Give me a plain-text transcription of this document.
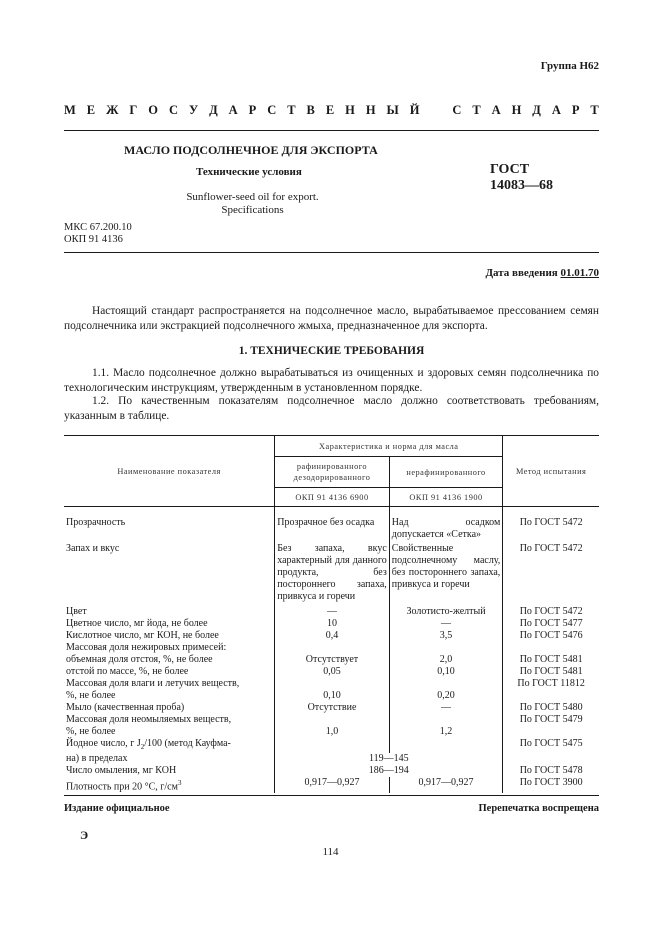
Группа Н62
М Е Ж Г О С У Д А Р С Т В Е Н Н Ы Й	С Т А Н Д А Р Т
МАСЛО ПОДСОЛНЕЧНОЕ ДЛЯ ЭКСПОРТА
Технические условия
Sunflower-seed oil for export.
Specifications
ГОСТ
14083—68
МКС 67.200.10
ОКП 91 4136
Дата введения 01.01.70
Настоящий стандарт распространяется на подсолнечное масло, вырабатываемое прессованием семян подсолнечника или экстракцией подсолнечного жмыха, предназначенное для экспорта.
1. ТЕХНИЧЕСКИЕ ТРЕБОВАНИЯ
1.1. Масло подсолнечное должно вырабатываться из очищенных и здоровых семян подсолнечника по технологическим инструкциям, утвержденным в установленном порядке.
1.2. По качественным показателям подсолнечное масло должно соответствовать требованиям, указанным в таблице.
Наименование показателя	Характеристика и норма для масла		Метод испытания
	рафинированного дезодорированного	нерафинированного	
	ОКП 91 4136 6900	ОКП 91 4136 1900	

Прозрачность	Прозрачное без осадка	Над осадком допускается «Сетка»	По ГОСТ 5472

Запах и вкус	Без запаха, вкус характерный для данного продукта, без постороннего запаха, привкуса и горечи	Свойственные подсолнечному маслу, без постороннего запаха, привкуса и горечи	По ГОСТ 5472

Цвет	—	Золотисто-желтый	По ГОСТ 5472
Цветное число, мг йода, не более	10	—	По ГОСТ 5477
Кислотное число, мг КОН, не более	0,4	3,5	По ГОСТ 5476
Массовая доля нежировых примесей:			
объемная доля отстоя, %, не более	Отсутствует	2,0	По ГОСТ 5481
отстой по массе, %, не более	0,05	0,10	По ГОСТ 5481
Массовая доля влаги и летучих веществ,			По ГОСТ 11812
%, не более	0,10	0,20	
Мыло (качественная проба)	Отсутствие	—	По ГОСТ 5480
Массовая доля неомыляемых веществ,			По ГОСТ 5479
%, не более	1,0	1,2	
Йодное число, г $J_2/100$ (метод Кауфма-			По ГОСТ 5475
на) в пределах	119—145		
Число омыления, мг КОН	186—194		По ГОСТ 5478
Плотность при 20 °С, $г/см^3$	0,917—0,927	0,917—0,927	По ГОСТ 3900
Издание официальное	Перепечатка воспрещена
Э
114
